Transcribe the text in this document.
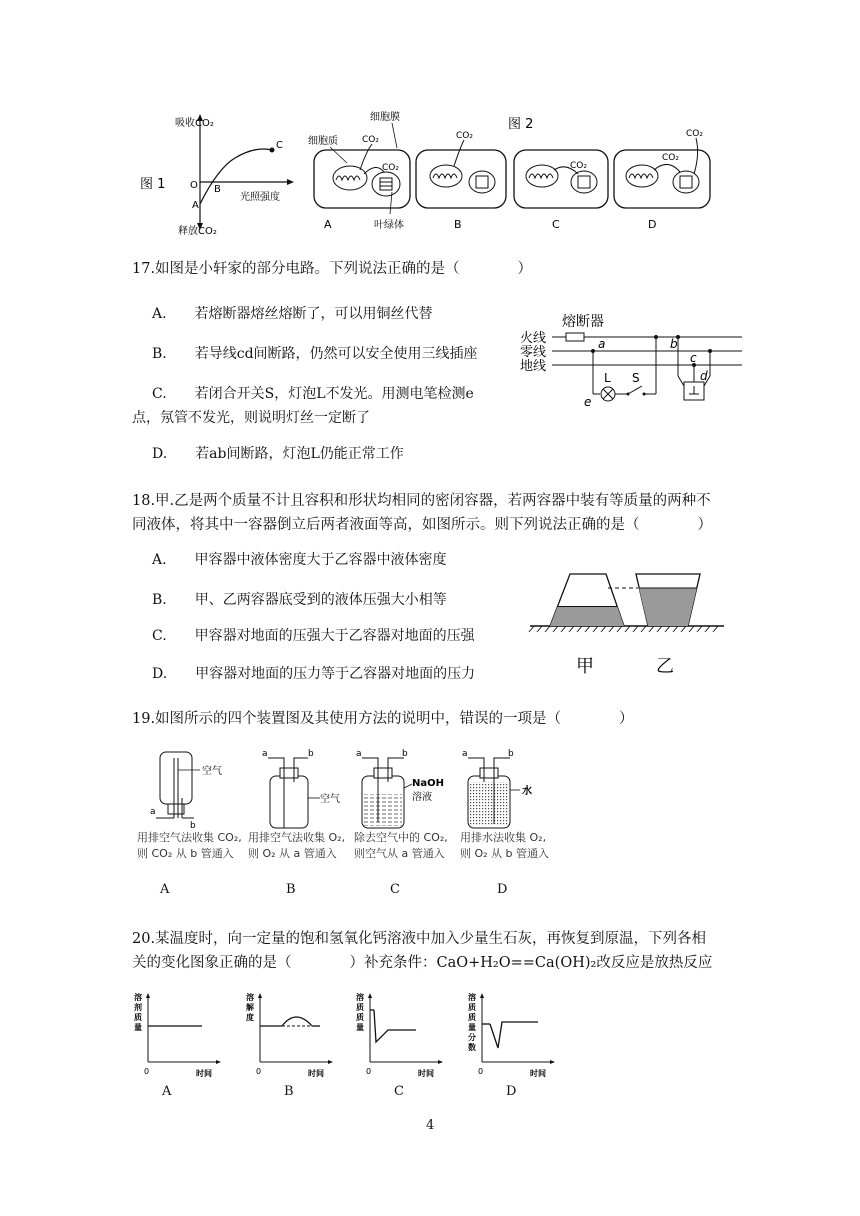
吸收CO₂
释放CO₂
光照强度
O
A
B
C
图 1
图 2
细胞膜
细胞质
叶绿体
CO₂
CO₂
A
CO₂
B
CO₂
C
CO₂
CO₂
D
17.如图是小轩家的部分电路。下列说法正确的是（　　　　）
A.　　若熔断器熔丝熔断了，可以用铜丝代替
B.　　若导线cd间断路，仍然可以安全使用三线插座
C.　　若闭合开关S，灯泡L不发光。用测电笔检测e
点，氖管不发光，则说明灯丝一定断了
D.　　若ab间断路，灯泡L仍能正常工作
熔断器
火线
零线
地线
a	b
c
d
e
L S
18.甲.乙是两个质量不计且容积和形状均相同的密闭容器，若两容器中装有等质量的两种不
同液体，将其中一容器倒立后两者液面等高，如图所示。则下列说法正确的是（　　　　）
A.　　甲容器中液体密度大于乙容器中液体密度
B.　　甲、乙两容器底受到的液体压强大小相等
C.　　甲容器对地面的压强大于乙容器对地面的压强
D.　　甲容器对地面的压力等于乙容器对地面的压力	甲	乙
19.如图所示的四个装置图及其使用方法的说明中，错误的一项是（　　　　）
空气
a
b
空气
a	b
NaOH
溶液
a	b
水
a	b
用排空气法收集 CO₂,
则 CO₂ 从 b 管通入
用排空气法收集 O₂,
则 O₂ 从 a 管通入
除去空气中的 CO₂,
则空气从 a 管通入
用排水法收集 O₂,
则 O₂ 从 b 管通入
A	B	C	D
20.某温度时，向一定量的饱和氢氧化钙溶液中加入少量生石灰，再恢复到原温，下列各相
关的变化图象正确的是（　　　　）补充条件：CaO+H₂O==Ca(OH)₂改反应是放热反应
溶剂质量
0	时间
溶解度
0	时间
溶质质量
0	时间
溶质质量分数
0	时间
A	B	C	D
4
